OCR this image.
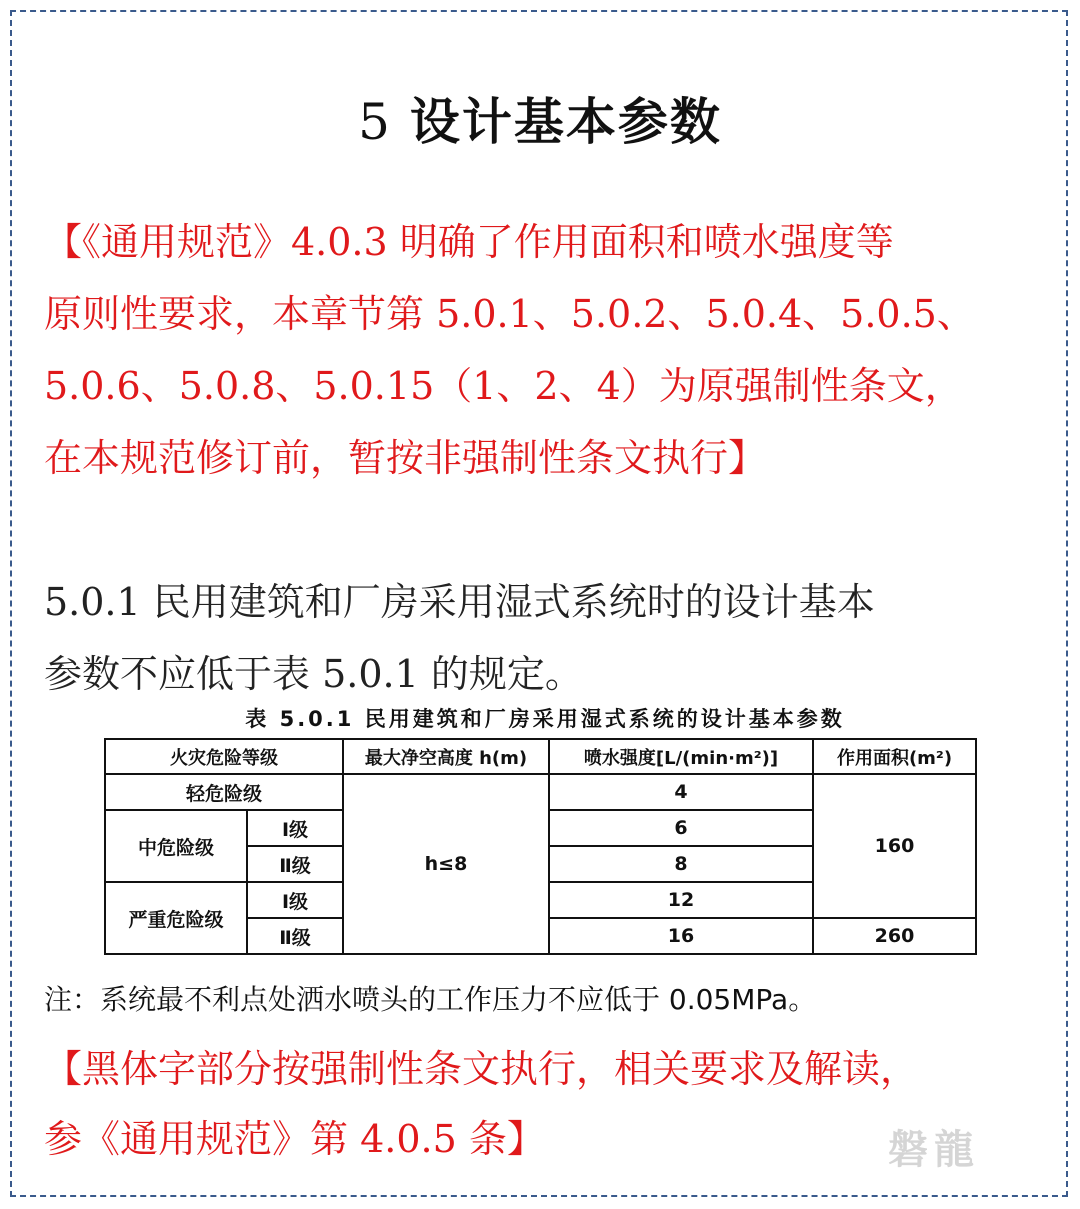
5 设计基本参数

【《通用规范》4.0.3 明确了作用面积和喷水强度等

原则性要求，本章节第 5.0.1、5.0.2、5.0.4、5.0.5、

5.0.6、5.0.8、5.0.15（1、2、4）为原强制性条文，

在本规范修订前，暂按非强制性条文执行】

5.0.1 民用建筑和厂房采用湿式系统时的设计基本

参数不应低于表 5.0.1 的规定。

表 5.0.1 民用建筑和厂房采用湿式系统的设计基本参数
火灾危险等级		最大净空高度 h(m)	喷水强度[L/(min·m²)]	作用面积(m²)
轻危险级		h≤8	4	160
中危险级	Ⅰ级		6	
	Ⅱ级		8	
严重危险级	Ⅰ级		12	
	Ⅱ级		16	260
注：系统最不利点处洒水喷头的工作压力不应低于 0.05MPa。

【黑体字部分按强制性条文执行，相关要求及解读，

参《通用规范》第 4.0.5 条】	磐龍
